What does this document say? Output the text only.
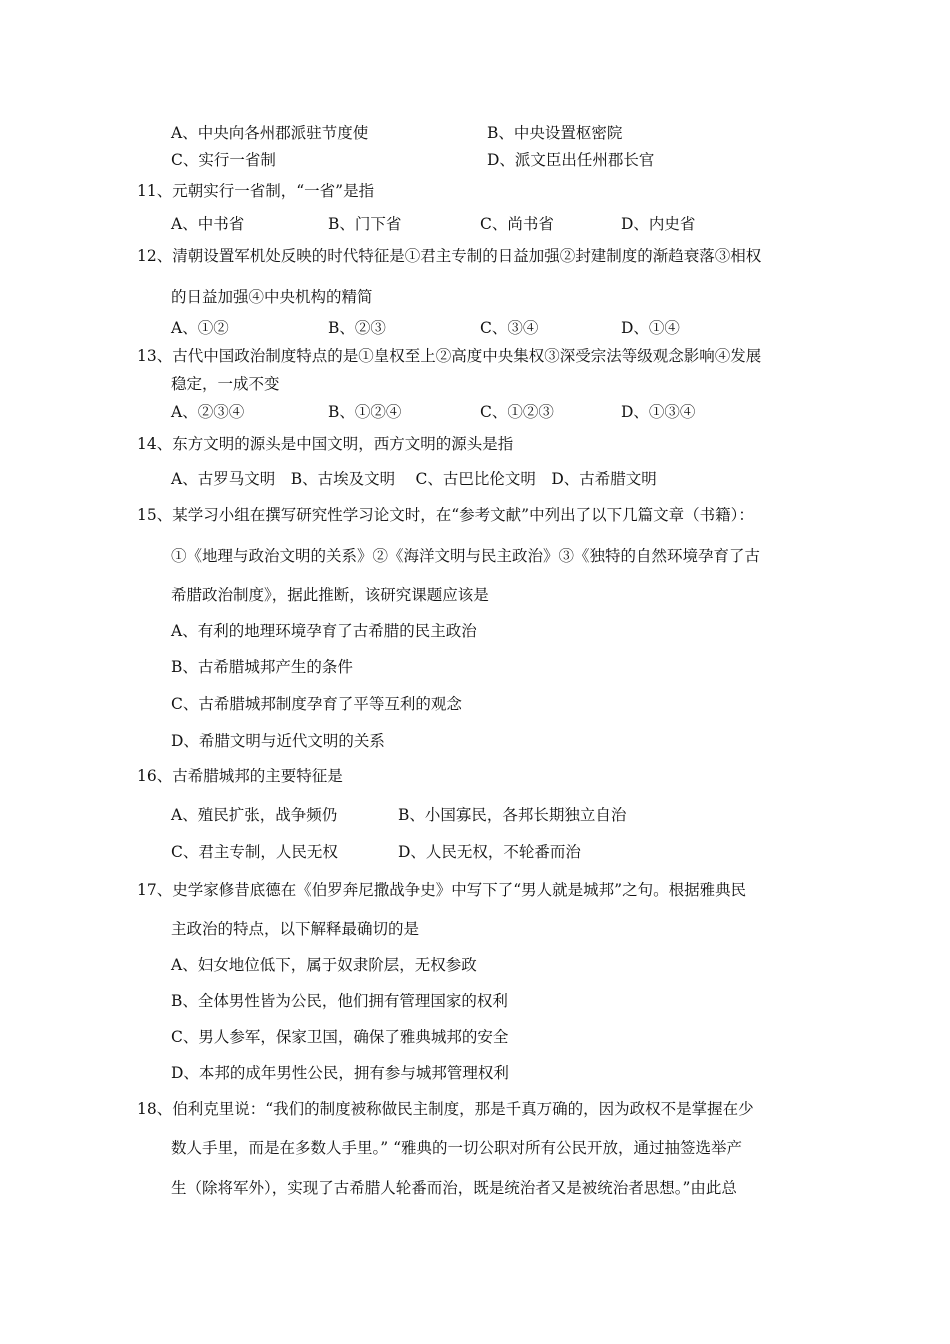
A、中央向各州郡派驻节度使	B、中央设置枢密院
C、实行一省制	D、派文臣出任州郡长官
11、元朝实行一省制，“一省”是指
A、中书省	B、门下省	C、尚书省	D、内史省
12、清朝设置军机处反映的时代特征是①君主专制的日益加强②封建制度的渐趋衰落③相权
的日益加强④中央机构的精简
A、①②	B、②③	C、③④	D、①④
13、古代中国政治制度特点的是①皇权至上②高度中央集权③深受宗法等级观念影响④发展
稳定，一成不变
A、②③④	B、①②④	C、①②③	D、①③④
14、东方文明的源头是中国文明，西方文明的源头是指
A、古罗马文明　B、古埃及文明　 C、古巴比伦文明　D、古希腊文明
15、某学习小组在撰写研究性学习论文时，在“参考文献”中列出了以下几篇文章（书籍）：
①《地理与政治文明的关系》②《海洋文明与民主政治》③《独特的自然环境孕育了古
希腊政治制度》，据此推断，该研究课题应该是
A、有利的地理环境孕育了古希腊的民主政治
B、古希腊城邦产生的条件
C、古希腊城邦制度孕育了平等互利的观念
D、希腊文明与近代文明的关系
16、古希腊城邦的主要特征是
A、殖民扩张，战争频仍	B、小国寡民，各邦长期独立自治
C、君主专制，人民无权	D、人民无权，不轮番而治
17、史学家修昔底德在《伯罗奔尼撒战争史》中写下了“男人就是城邦”之句。根据雅典民
主政治的特点，以下解释最确切的是
A、妇女地位低下，属于奴隶阶层，无权参政
B、全体男性皆为公民，他们拥有管理国家的权利
C、男人参军，保家卫国，确保了雅典城邦的安全
D、本邦的成年男性公民，拥有参与城邦管理权利
18、伯利克里说：“我们的制度被称做民主制度，那是千真万确的，因为政权不是掌握在少
数人手里，而是在多数人手里。” “雅典的一切公职对所有公民开放，通过抽签选举产
生（除将军外），实现了古希腊人轮番而治，既是统治者又是被统治者思想。”由此总
